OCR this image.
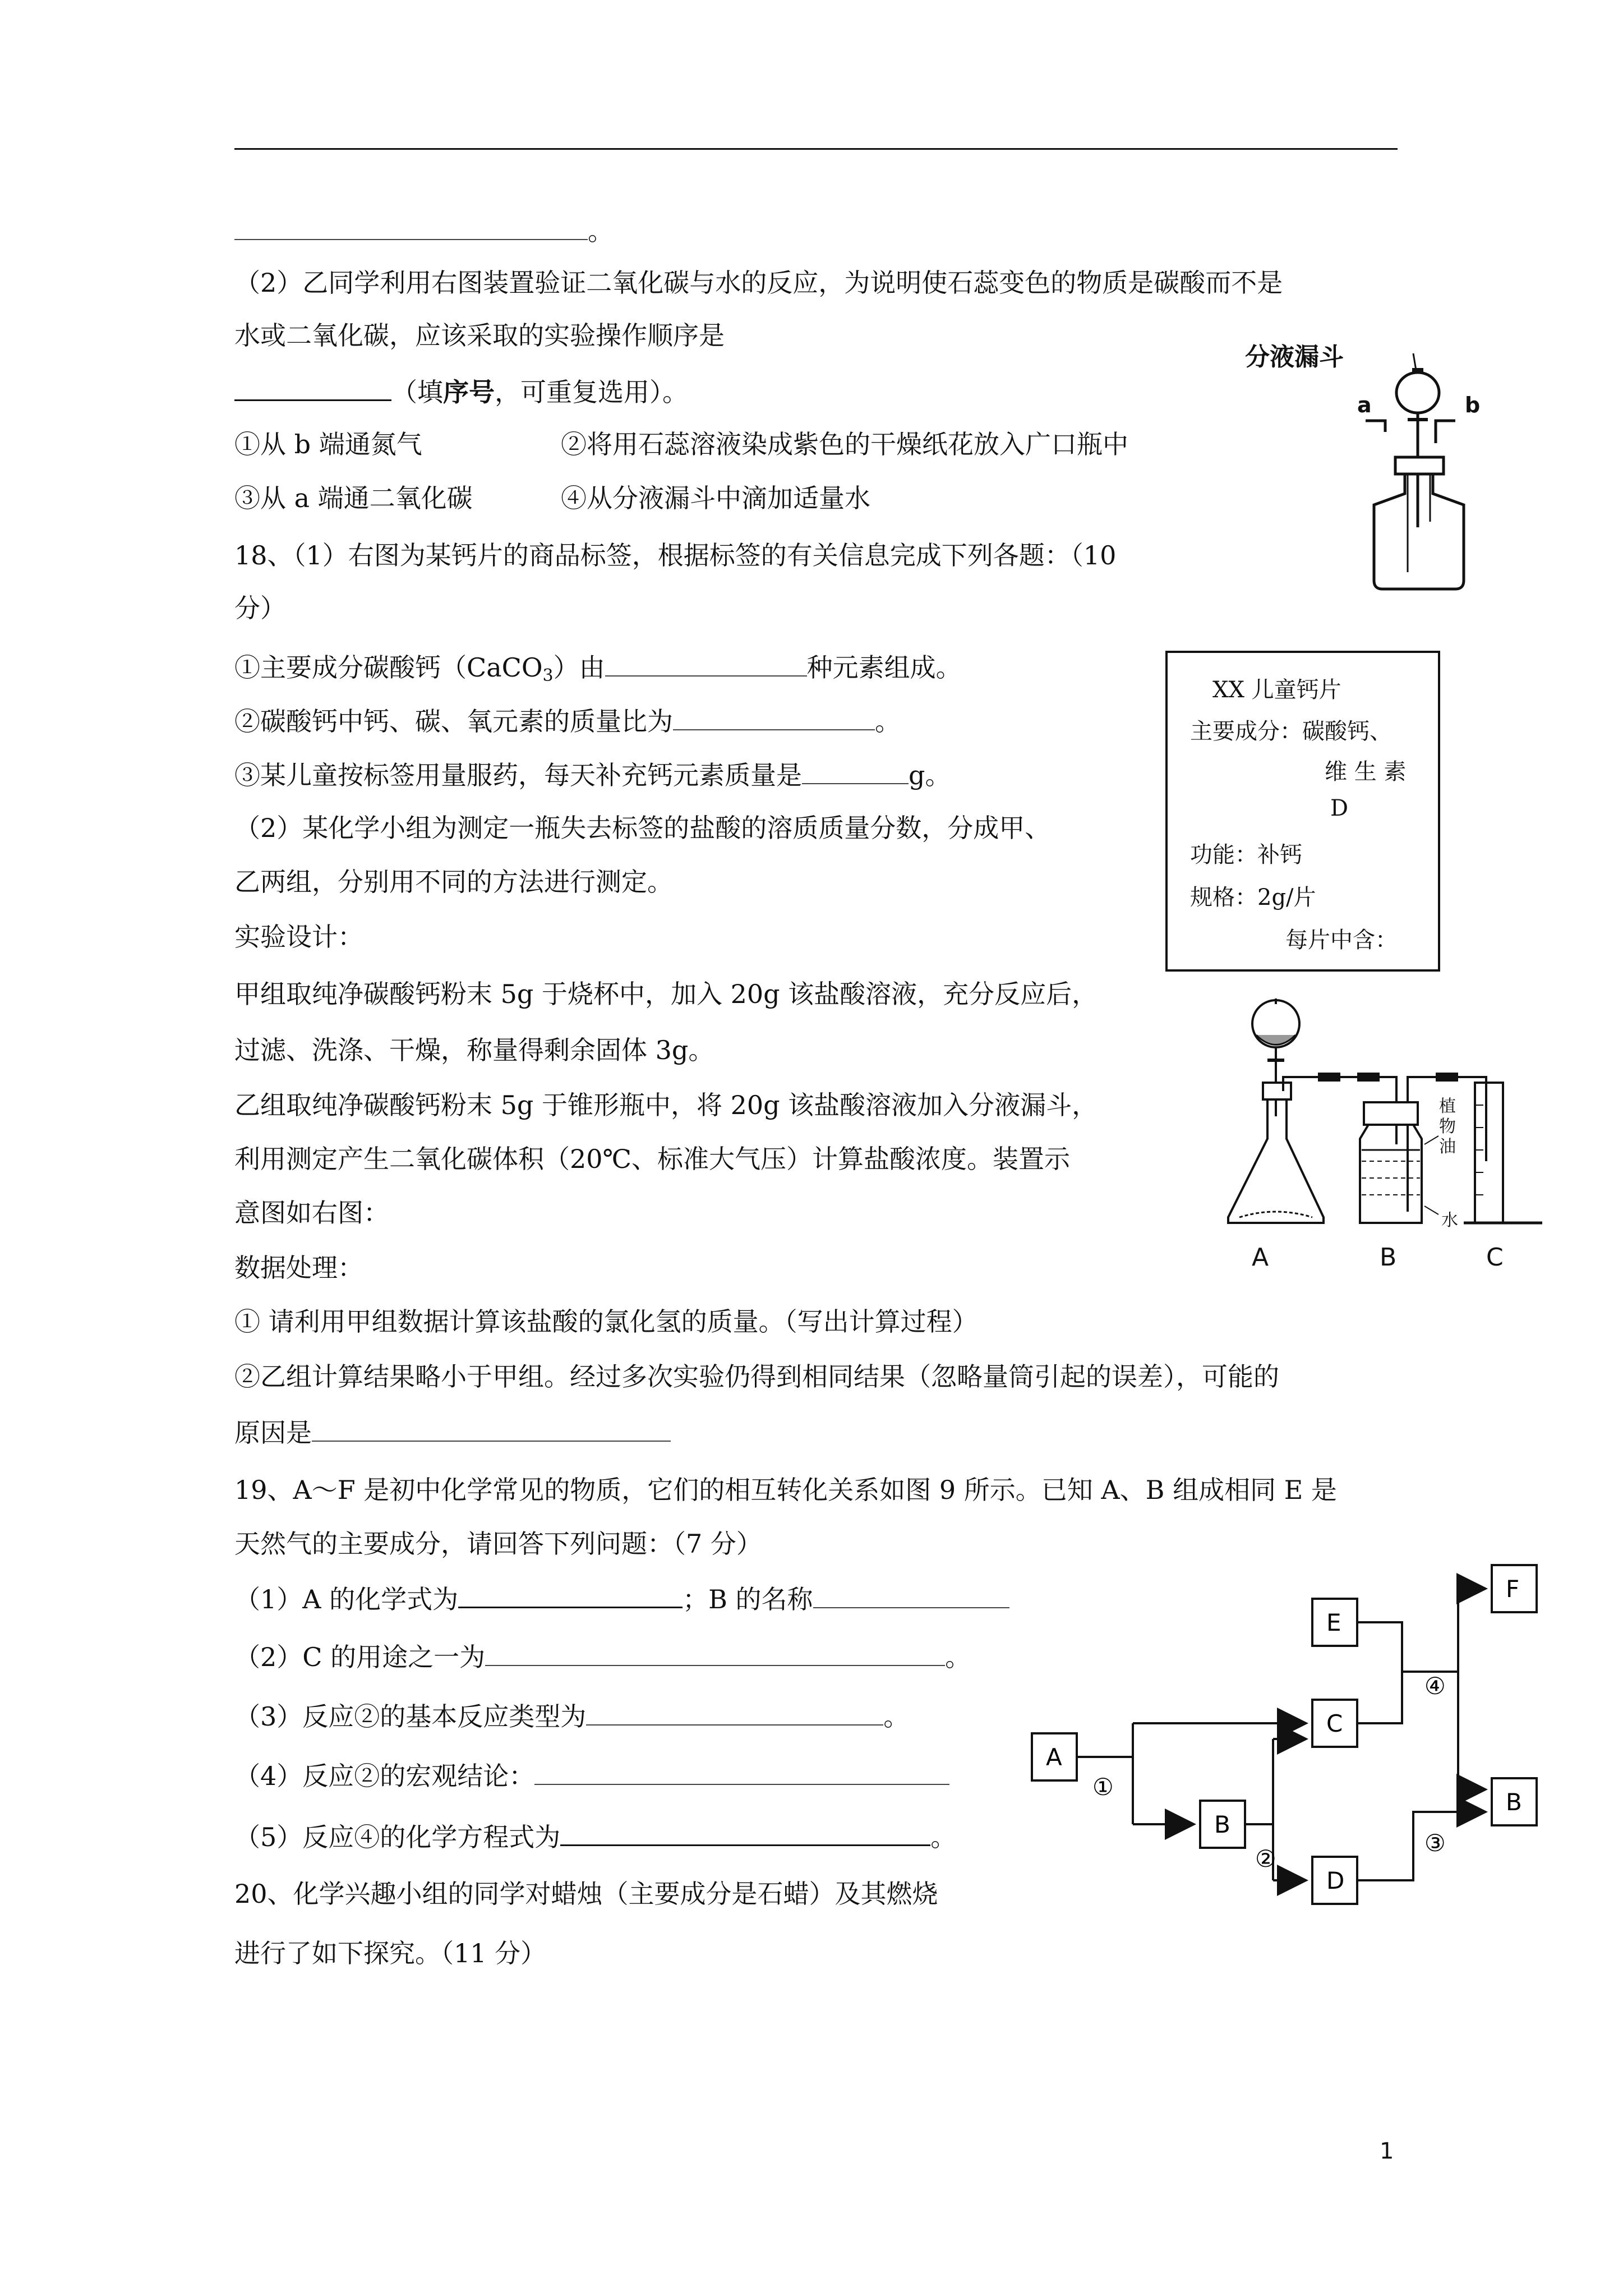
。
（2）乙同学利用右图装置验证二氧化碳与水的反应，为说明使石蕊变色的物质是碳酸而不是
水或二氧化碳，应该采取的实验操作顺序是
（填序号，可重复选用）。
①从 b 端通氮气	②将用石蕊溶液染成紫色的干燥纸花放入广口瓶中
③从 a 端通二氧化碳	④从分液漏斗中滴加适量水
分液漏斗
a	b
18、（1）右图为某钙片的商品标签，根据标签的有关信息完成下列各题：（10
分）
①主要成分碳酸钙（CaCO$_3$）由	种元素组成。
②碳酸钙中钙、碳、氧元素的质量比为	。
③某儿童按标签用量服药，每天补充钙元素质量是	g。
（2）某化学小组为测定一瓶失去标签的盐酸的溶质质量分数，分成甲、
乙两组，分别用不同的方法进行测定。
实验设计：
甲组取纯净碳酸钙粉末 5g 于烧杯中，加入 20g 该盐酸溶液，充分反应后，
过滤、洗涤、干燥，称量得剩余固体 3g。
乙组取纯净碳酸钙粉末 5g 于锥形瓶中，将 20g 该盐酸溶液加入分液漏斗，
利用测定产生二氧化碳体积（20℃、标准大气压）计算盐酸浓度。装置示
意图如右图：
数据处理：
① 请利用甲组数据计算该盐酸的氯化氢的质量。（写出计算过程）
②乙组计算结果略小于甲组。经过多次实验仍得到相同结果（忽略量筒引起的误差），可能的
原因是
XX 儿童钙片
主要成分：碳酸钙、
维 生 素
D
功能：补钙
规格：2g/片
每片中含：
植物油
水
A	B	C
19、A～F 是初中化学常见的物质，它们的相互转化关系如图 9 所示。已知 A、B 组成相同 E 是
天然气的主要成分，请回答下列问题：（7 分）
（1）A 的化学式为	；B 的名称
（2）C 的用途之一为	。
（3）反应②的基本反应类型为	。
（4）反应②的宏观结论：
（5）反应④的化学方程式为	。
A
B
C
D
E
F
B
①
②
③
④
20、化学兴趣小组的同学对蜡烛（主要成分是石蜡）及其燃烧
进行了如下探究。（11 分）
1
